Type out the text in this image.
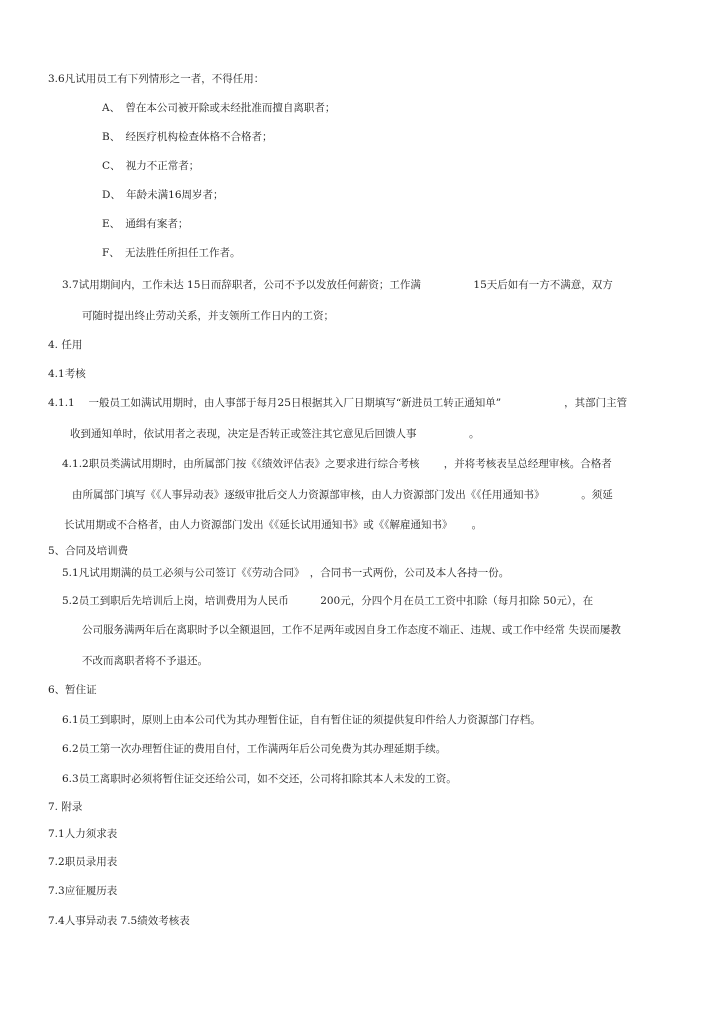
3.6凡试用员工有下列情形之一者，不得任用：
A、　曾在本公司被开除或未经批准而擅自离职者；
B、　经医疗机构检查体格不合格者；
C、　视力不正常者；
D、　年龄未满16周岁者；
E、　通缉有案者；
F、　无法胜任所担任工作者。
3.7试用期间内，工作未达 15日而辞职者，公司不予以发放任何薪资；工作满　　　　　15天后如有一方不满意，双方
可随时提出终止劳动关系，并支领所工作日内的工资；
4. 任用
4.1考核
4.1.1　 一般员工如满试用期时，由人事部于每月25日根据其入厂日期填写“新进员工转正通知单”　　　　　　，其部门主管
收到通知单时，依试用者之表现，决定是否转正或签注其它意见后回馈人事　　　　　。
4.1.2职员类满试用期时，由所属部门按《《绩效评估表》之要求进行综合考核　　 ，并将考核表呈总经理审核。合格者
由所属部门填写《《人事异动表》逐级审批后交人力资源部审核，由人力资源部门发出《《任用通知书》　　　　。须延
长试用期或不合格者，由人力资源部门发出《《延长试用通知书》或《《解雇通知书》　　 。
5、合同及培训费
5.1凡试用期满的员工必须与公司签订《《劳动合同》　，合同书一式两份，公司及本人各持一份。
5.2员工到职后先培训后上岗，培训费用为人民币　　　200元，分四个月在员工工资中扣除（每月扣除 50元），在
公司服务满两年后在离职时予以全额退回，工作不足两年或因自身工作态度不端正、违规、或工作中经常 失误而屡教
不改而离职者将不予退还。
6、暂住证
6.1员工到职时，原则上由本公司代为其办理暂住证，自有暂住证的须提供复印件给人力资源部门存档。
6.2员工第一次办理暂住证的费用自付，工作满两年后公司免费为其办理延期手续。
6.3员工离职时必须将暂住证交还给公司，如不交还，公司将扣除其本人未发的工资。
7. 附录
7.1人力须求表
7.2职员录用表
7.3应征履历表
7.4人事异动表 7.5绩效考核表
